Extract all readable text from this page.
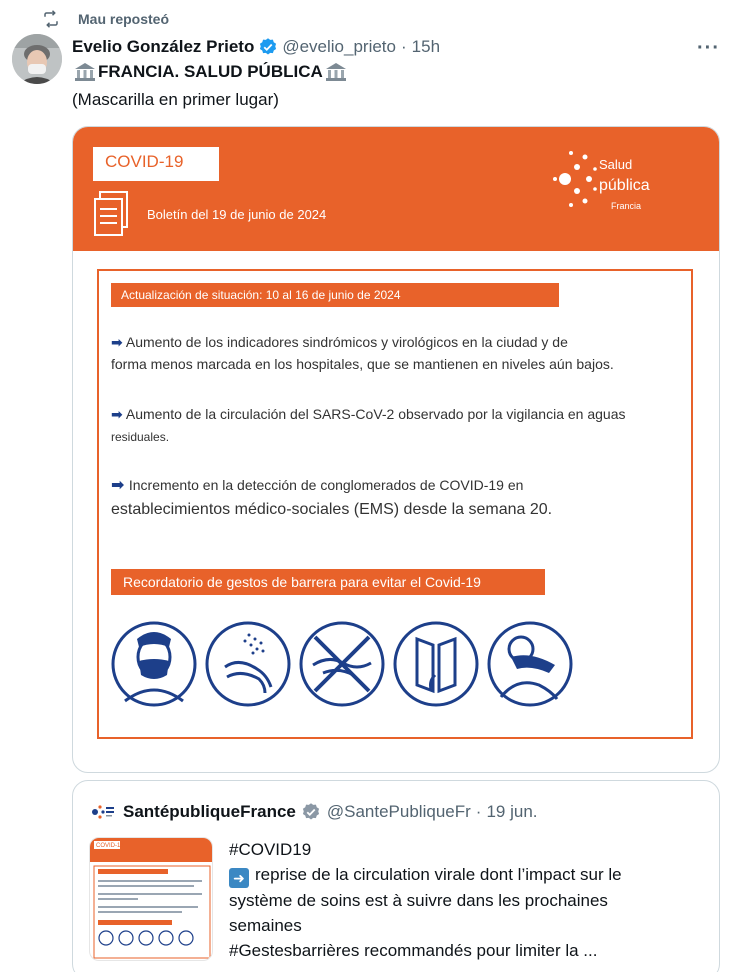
Mau reposteó
Evelio González Prieto @evelio_prieto · 15h	···
FRANCIA. SALUD PÚBLICA
(Mascarilla en primer lugar)
COVID-19
Boletín del 19 de junio de 2024
Salud
pública
Francia
Actualización de situación: 10 al 16 de junio de 2024
➡ Aumento de los indicadores sindrómicos y virológicos en la ciudad y de
forma menos marcada en los hospitales, que se mantienen en niveles aún bajos.
➡ Aumento de la circulación del SARS-CoV-2 observado por la vigilancia en aguas
residuales.
➡ Incremento en la detección de conglomerados de COVID-19 en
establecimientos médico-sociales (EMS) desde la semana 20.
Recordatorio de gestos de barrera para evitar el Covid-19
SantépubliqueFrance @SantePubliqueFr · 19 jun.
COVID-19	#COVID19
➜ reprise de la circulation virale dont l’impact sur le
système de soins est à suivre dans les prochaines
semaines
#Gestesbarrières recommandés pour limiter la ...
